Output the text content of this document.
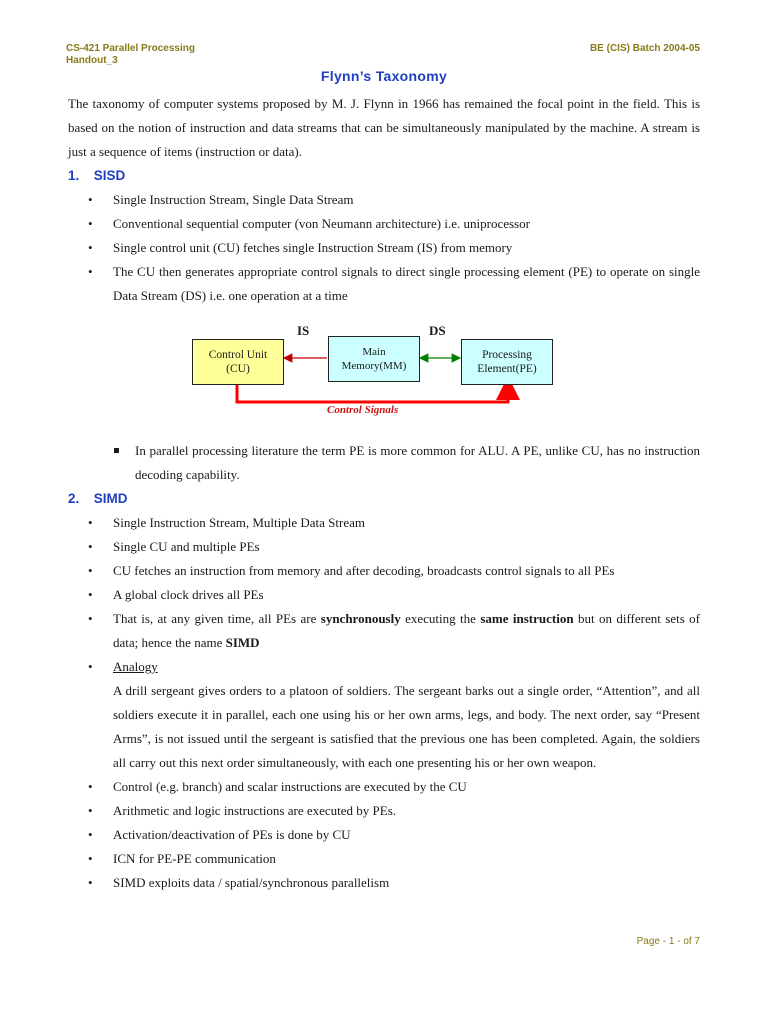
CS-421 Parallel Processing
Handout_3
BE (CIS) Batch 2004-05
Flynn’s Taxonomy

The taxonomy of computer systems proposed by M. J. Flynn in 1966 has remained the focal point in the field. This is based on the notion of instruction and data streams that can be simultaneously manipulated by the machine. A stream is just a sequence of items (instruction or data).

1. SISD
• Single Instruction Stream, Single Data Stream
• Conventional sequential computer (von Neumann architecture) i.e. uniprocessor
• Single control unit (CU) fetches single Instruction Stream (IS) from memory
• The CU then generates appropriate control signals to direct single processing element (PE) to operate on single Data Stream (DS) i.e. one operation at a time
Control Unit
(CU)
Main
Memory(MM)
Processing
Element(PE)
IS	DS
Control Signals
In parallel processing literature the term PE is more common for ALU. A PE, unlike CU, has no instruction decoding capability.
2. SIMD
• Single Instruction Stream, Multiple Data Stream
• Single CU and multiple PEs
• CU fetches an instruction from memory and after decoding, broadcasts control signals to all PEs
• A global clock drives all PEs
• That is, at any given time, all PEs are synchronously executing the same instruction but on different sets of data; hence the name SIMD
• Analogy

A drill sergeant gives orders to a platoon of soldiers. The sergeant barks out a single order, “Attention”, and all soldiers execute it in parallel, each one using his or her own arms, legs, and body. The next order, say “Present Arms”, is not issued until the sergeant is satisfied that the previous one has been completed. Again, the soldiers all carry out this next order simultaneously, with each one presenting his or her own weapon.

• Control (e.g. branch) and scalar instructions are executed by the CU
• Arithmetic and logic instructions are executed by PEs.
• Activation/deactivation of PEs is done by CU
• ICN for PE-PE communication
• SIMD exploits data / spatial/synchronous parallelism
Page - 1 - of 7
